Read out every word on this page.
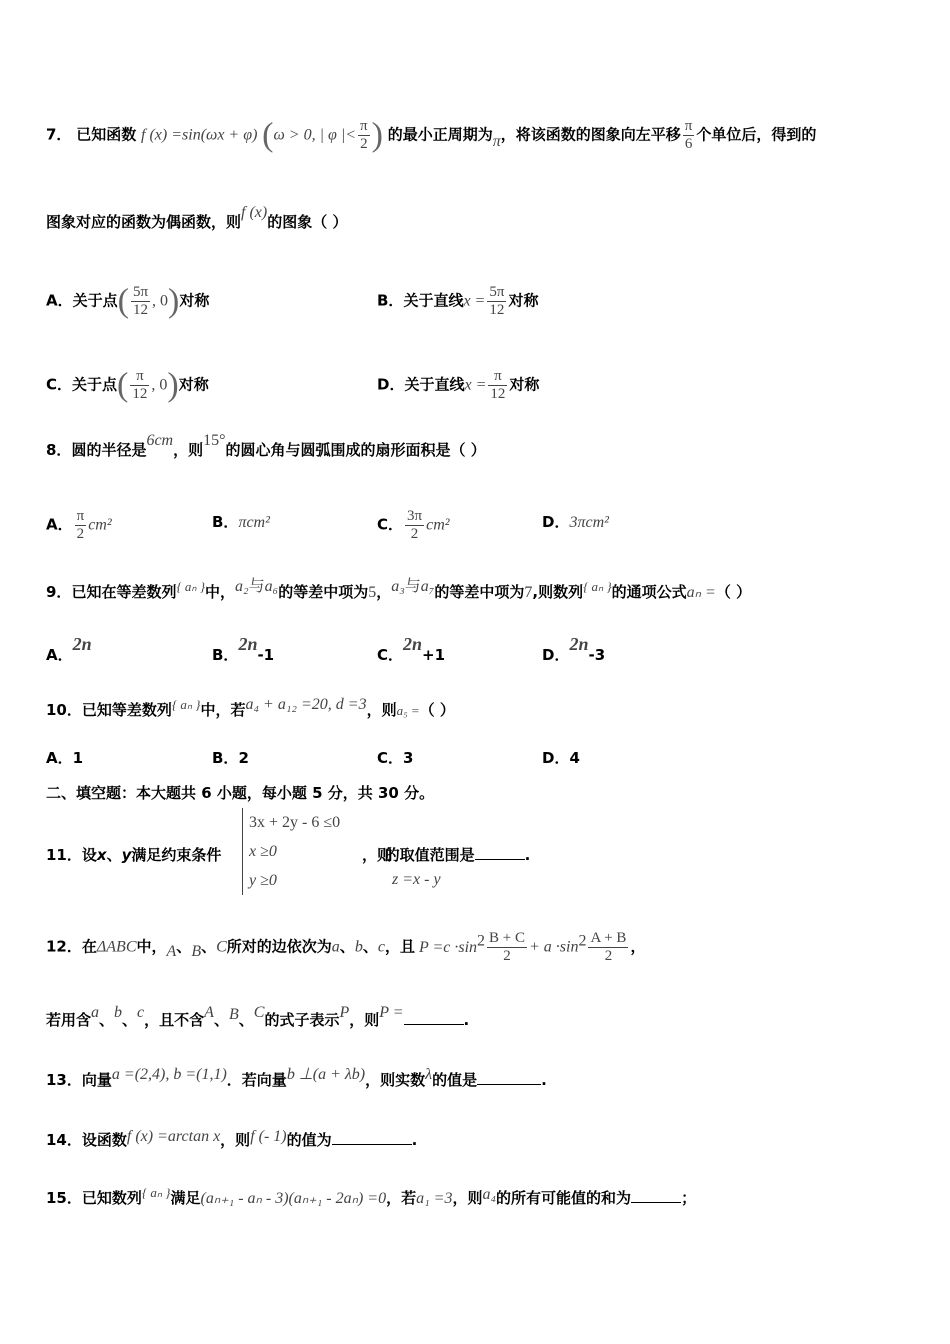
7． 已知函数 f (x) =sin(ωx + φ) (ω > 0, | φ |< $\frac{\pi}{2}$ ) 的最小正周期为π，将该函数的图象向左平移 $\frac{\pi}{6}$ 个单位后，得到的
图象对应的函数为偶函数，则f (x)的图象（ ）
A．关于点( $\frac{5\pi}{12}$ , 0)对称	B．关于直线$x = \frac{5\pi}{12}$ 对称
C．关于点( $\frac{\pi}{12}$ , 0)对称	D．关于直线$x = \frac{\pi}{12}$ 对称
8．圆的半径是6cm，则15°的圆心角与圆弧围成的扇形面积是（ ）
A． $\frac{\pi}{2} cm^2$	B．πcm²	C． $\frac{3\pi}{2} cm^2$	D．3πcm²
9．已知在等差数列{ aₙ }中，a₂与a₆的等差中项为5，a₃与a₇的等差中项为7,则数列{ aₙ }的通项公式aₙ =（ ）
A．2n
B．2n-1	C．2n+1	D．2n-3
10．已知等差数列{ aₙ }中，若a₄ + a₁₂ =20, d =3，则a₅ =（ ）
A．1	B．2	C．3	D．4
二、填空题：本大题共 6 小题，每小题 5 分，共 30 分。
3x + 2y - 6 ≤0
x ≥0
y ≥0
11．设x、y满足约束条件	，则z =x - y的取值范围是	.
12．在ΔABC中，A、B、C所对的边依次为a、b、c，且 $P =c \cdot\sin^2 \frac{B + C}{2} + a \cdot\sin^2 \frac{A + B}{2}$ ，
若用含a、b、c，且不含A、B、C的式子表示P，则P =	.
13．向量a =(2,4), b =(1,1)．若向量b ⊥(a + λb)，则实数λ的值是	.
14．设函数f (x) =arctan x，则f (- 1)的值为	.
15．已知数列{ aₙ }满足(aₙ₊₁ - aₙ - 3)(aₙ₊₁ - 2aₙ) =0，若a₁ =3，则a₄的所有可能值的和为	；
